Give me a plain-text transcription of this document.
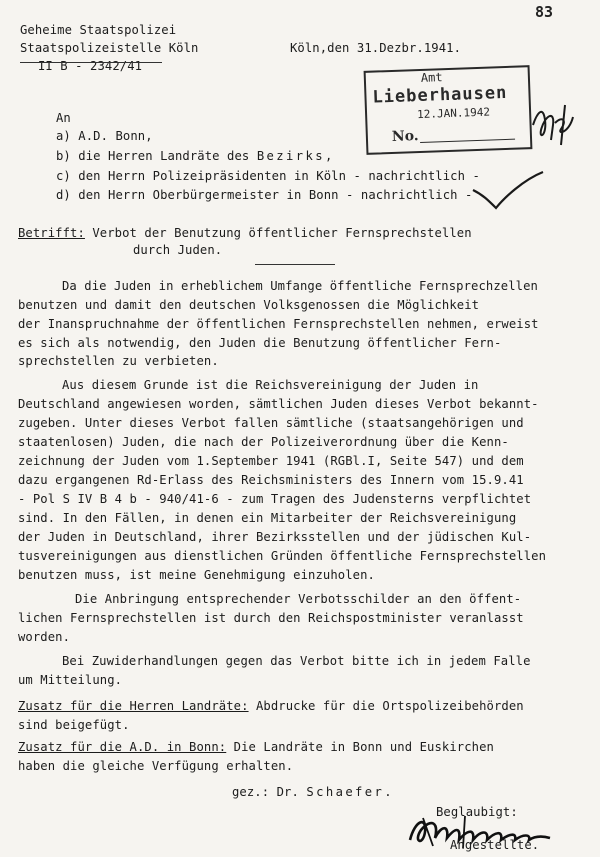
83
Geheime Staatspolizei
Staatspolizeistelle Köln	Köln,den 31.Dezbr.1941.
II B - 2342/41
Amt
Lieberhausen
12.JAN.1942
No.
An
a) A.D. Bonn,
b) die Herren Landräte des Bezirks,
c) den Herrn Polizeipräsidenten in Köln - nachrichtlich -
d) den Herrn Oberbürgermeister in Bonn - nachrichtlich -
Betrifft: Verbot der Benutzung öffentlicher Fernsprechstellen
durch Juden.
Da die Juden in erheblichem Umfange öffentliche Fernsprechzellen
benutzen und damit den deutschen Volksgenossen die Möglichkeit
der Inanspruchnahme der öffentlichen Fernsprechstellen nehmen, erweist
es sich als notwendig, den Juden die Benutzung öffentlicher Fern-
sprechstellen zu verbieten.
Aus diesem Grunde ist die Reichsvereinigung der Juden in
Deutschland angewiesen worden, sämtlichen Juden dieses Verbot bekannt-
zugeben. Unter dieses Verbot fallen sämtliche (staatsangehörigen und
staatenlosen) Juden, die nach der Polizeiverordnung über die Kenn-
zeichnung der Juden vom 1.September 1941 (RGBl.I, Seite 547) und dem
dazu ergangenen Rd-Erlass des Reichsministers des Innern vom 15.9.41
- Pol S IV B 4 b - 940/41-6 - zum Tragen des Judensterns verpflichtet
sind. In den Fällen, in denen ein Mitarbeiter der Reichsvereinigung
der Juden in Deutschland, ihrer Bezirksstellen und der jüdischen Kul-
tusvereinigungen aus dienstlichen Gründen öffentliche Fernsprechstellen
benutzen muss, ist meine Genehmigung einzuholen.
Die Anbringung entsprechender Verbotsschilder an den öffent-
lichen Fernsprechstellen ist durch den Reichspostminister veranlasst
worden.
Bei Zuwiderhandlungen gegen das Verbot bitte ich in jedem Falle
um Mitteilung.
Zusatz für die Herren Landräte: Abdrucke für die Ortspolizeibehörden
sind beigefügt.
Zusatz für die A.D. in Bonn: Die Landräte in Bonn und Euskirchen
haben die gleiche Verfügung erhalten.
gez.: Dr. Schaefer.
Beglaubigt:
Angestellte.
